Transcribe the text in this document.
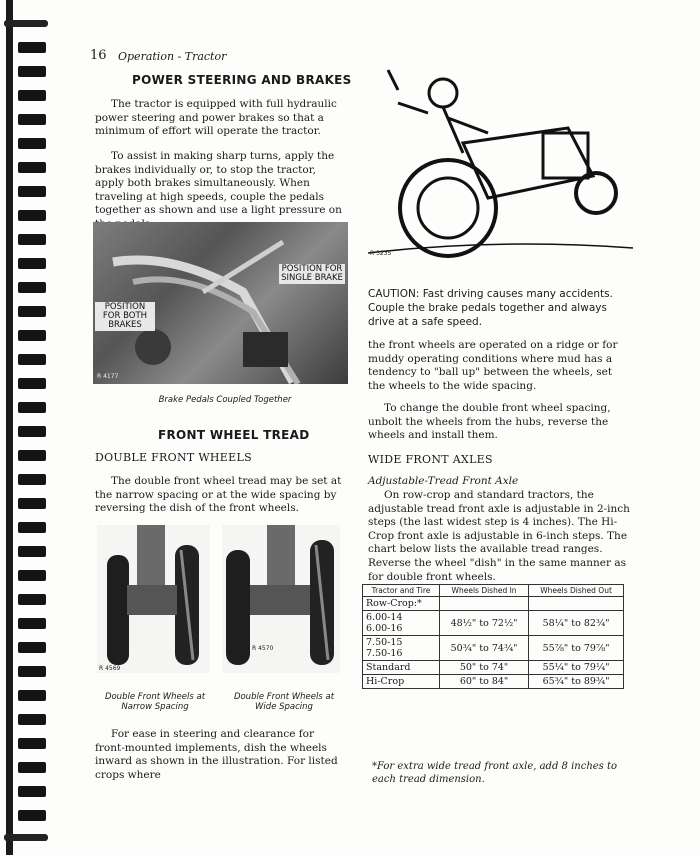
16 Operation - Tractor
POWER STEERING AND BRAKES

The tractor is equipped with full hydraulic power steering and power brakes so that a minimum of effort will operate the tractor.

To assist in making sharp turns, apply the brakes individually or, to stop the tractor, apply both brakes simultaneously. When traveling at high speeds, couple the pedals together as shown and use a light pressure on

POSITION FOR SINGLE BRAKE
POSITION FOR BOTH BRAKES
R 4177
Brake Pedals Coupled Together
FRONT WHEEL TREAD
DOUBLE FRONT WHEELS

The double front wheel tread may be set at the narrow spacing or at the wide spacing by reversing the dish of the front wheels.

R 4569
R 4570
Double Front Wheels at Narrow Spacing
Double Front Wheels at Wide Spacing

For ease in steering and clearance for front-mounted implements, dish the wheels inward as shown in the illustration. For listed crops where

R 3235

CAUTION: Fast driving causes many accidents. Couple the brake pedals together and always drive at a safe speed.

the front wheels are operated on a ridge or for muddy operating conditions where mud has a tendency to "ball up" between the wheels, set the wheels to the wide spacing.

To change the double front wheel spacing, unbolt the wheels from the hubs, reverse the wheels and install them.

WIDE FRONT AXLES
Adjustable-Tread Front Axle

On row-crop and standard tractors, the adjustable tread front axle is adjustable in 2-inch steps (the last widest step is 4 inches). The Hi-Crop front axle is adjustable in 6-inch steps. The chart below lists the available tread ranges. Reverse the wheel "dish" in the same manner as for double front wheels.

Tractor and Tire	Wheels Dished In	Wheels Dished Out
Row-Crop:*		
6.00-14
6.00-16	48½" to 72½"	58¼" to 82¾"
7.50-15
7.50-16	50¾" to 74¾"	55⅞" to 79⅞"
Standard	50" to 74"	55¼" to 79¼"
Hi-Crop	60" to 84"	65¾" to 89¾"

*For extra wide tread front axle, add 8 inches to each tread dimension.
